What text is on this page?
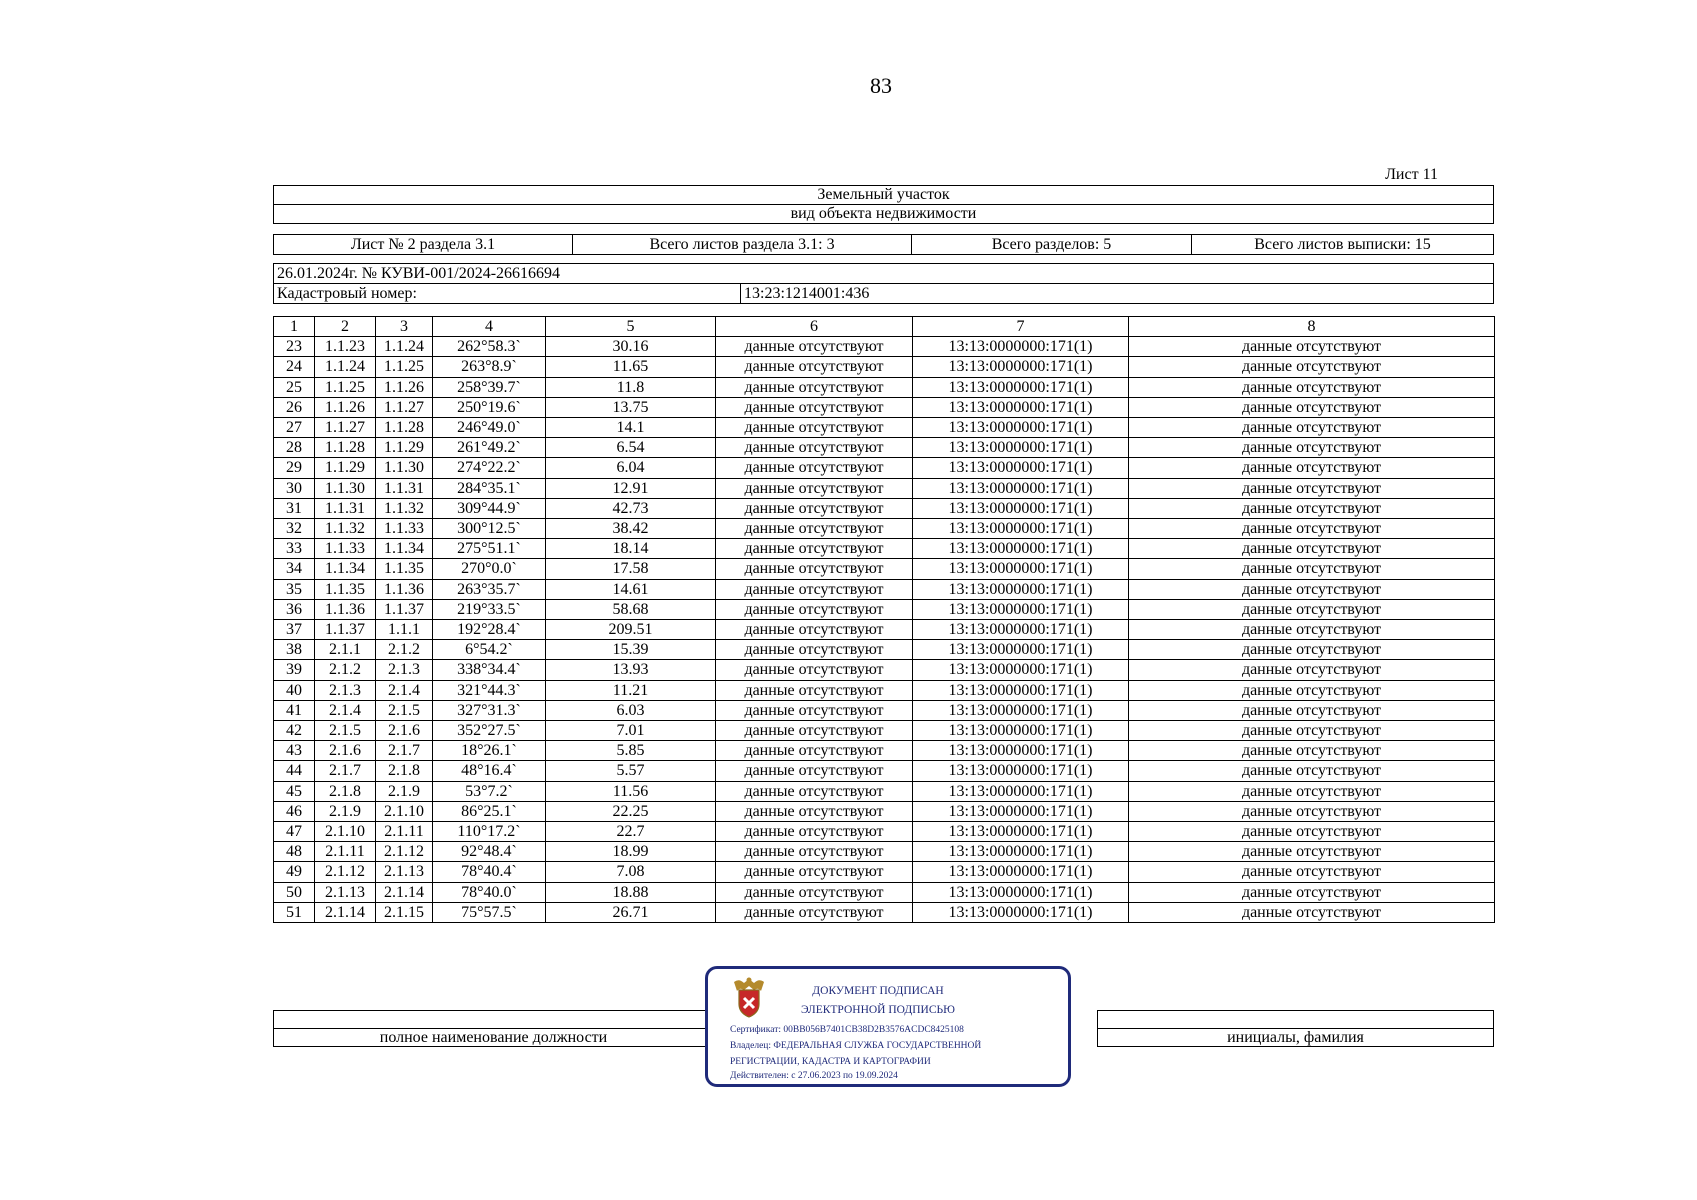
83
Лист 11
Земельный участок
вид объекта недвижимости
Лист № 2 раздела 3.1	Всего листов раздела 3.1: 3	Всего разделов: 5	Всего листов выписки: 15
26.01.2024г. № КУВИ-001/2024-26616694
Кадастровый номер:	13:23:1214001:436
1	2	3	4	5	6	7	8
23	1.1.23	1.1.24	262°58.3`	30.16	данные отсутствуют	13:13:0000000:171(1)	данные отсутствуют
24	1.1.24	1.1.25	263°8.9`	11.65	данные отсутствуют	13:13:0000000:171(1)	данные отсутствуют
25	1.1.25	1.1.26	258°39.7`	11.8	данные отсутствуют	13:13:0000000:171(1)	данные отсутствуют
26	1.1.26	1.1.27	250°19.6`	13.75	данные отсутствуют	13:13:0000000:171(1)	данные отсутствуют
27	1.1.27	1.1.28	246°49.0`	14.1	данные отсутствуют	13:13:0000000:171(1)	данные отсутствуют
28	1.1.28	1.1.29	261°49.2`	6.54	данные отсутствуют	13:13:0000000:171(1)	данные отсутствуют
29	1.1.29	1.1.30	274°22.2`	6.04	данные отсутствуют	13:13:0000000:171(1)	данные отсутствуют
30	1.1.30	1.1.31	284°35.1`	12.91	данные отсутствуют	13:13:0000000:171(1)	данные отсутствуют
31	1.1.31	1.1.32	309°44.9`	42.73	данные отсутствуют	13:13:0000000:171(1)	данные отсутствуют
32	1.1.32	1.1.33	300°12.5`	38.42	данные отсутствуют	13:13:0000000:171(1)	данные отсутствуют
33	1.1.33	1.1.34	275°51.1`	18.14	данные отсутствуют	13:13:0000000:171(1)	данные отсутствуют
34	1.1.34	1.1.35	270°0.0`	17.58	данные отсутствуют	13:13:0000000:171(1)	данные отсутствуют
35	1.1.35	1.1.36	263°35.7`	14.61	данные отсутствуют	13:13:0000000:171(1)	данные отсутствуют
36	1.1.36	1.1.37	219°33.5`	58.68	данные отсутствуют	13:13:0000000:171(1)	данные отсутствуют
37	1.1.37	1.1.1	192°28.4`	209.51	данные отсутствуют	13:13:0000000:171(1)	данные отсутствуют
38	2.1.1	2.1.2	6°54.2`	15.39	данные отсутствуют	13:13:0000000:171(1)	данные отсутствуют
39	2.1.2	2.1.3	338°34.4`	13.93	данные отсутствуют	13:13:0000000:171(1)	данные отсутствуют
40	2.1.3	2.1.4	321°44.3`	11.21	данные отсутствуют	13:13:0000000:171(1)	данные отсутствуют
41	2.1.4	2.1.5	327°31.3`	6.03	данные отсутствуют	13:13:0000000:171(1)	данные отсутствуют
42	2.1.5	2.1.6	352°27.5`	7.01	данные отсутствуют	13:13:0000000:171(1)	данные отсутствуют
43	2.1.6	2.1.7	18°26.1`	5.85	данные отсутствуют	13:13:0000000:171(1)	данные отсутствуют
44	2.1.7	2.1.8	48°16.4`	5.57	данные отсутствуют	13:13:0000000:171(1)	данные отсутствуют
45	2.1.8	2.1.9	53°7.2`	11.56	данные отсутствуют	13:13:0000000:171(1)	данные отсутствуют
46	2.1.9	2.1.10	86°25.1`	22.25	данные отсутствуют	13:13:0000000:171(1)	данные отсутствуют
47	2.1.10	2.1.11	110°17.2`	22.7	данные отсутствуют	13:13:0000000:171(1)	данные отсутствуют
48	2.1.11	2.1.12	92°48.4`	18.99	данные отсутствуют	13:13:0000000:171(1)	данные отсутствуют
49	2.1.12	2.1.13	78°40.4`	7.08	данные отсутствуют	13:13:0000000:171(1)	данные отсутствуют
50	2.1.13	2.1.14	78°40.0`	18.88	данные отсутствуют	13:13:0000000:171(1)	данные отсутствуют
51	2.1.14	2.1.15	75°57.5`	26.71	данные отсутствуют	13:13:0000000:171(1)	данные отсутствуют

полное наименование должности		инициалы, фамилия
ДОКУМЕНТ ПОДПИСАН
ЭЛЕКТРОННОЙ ПОДПИСЬЮ
Сертификат: 00BB056B7401CB38D2B3576ACDC8425108
Владелец: ФЕДЕРАЛЬНАЯ СЛУЖБА ГОСУДАРСТВЕННОЙ
РЕГИСТРАЦИИ, КАДАСТРА И КАРТОГРАФИИ
Действителен: с 27.06.2023 по 19.09.2024
